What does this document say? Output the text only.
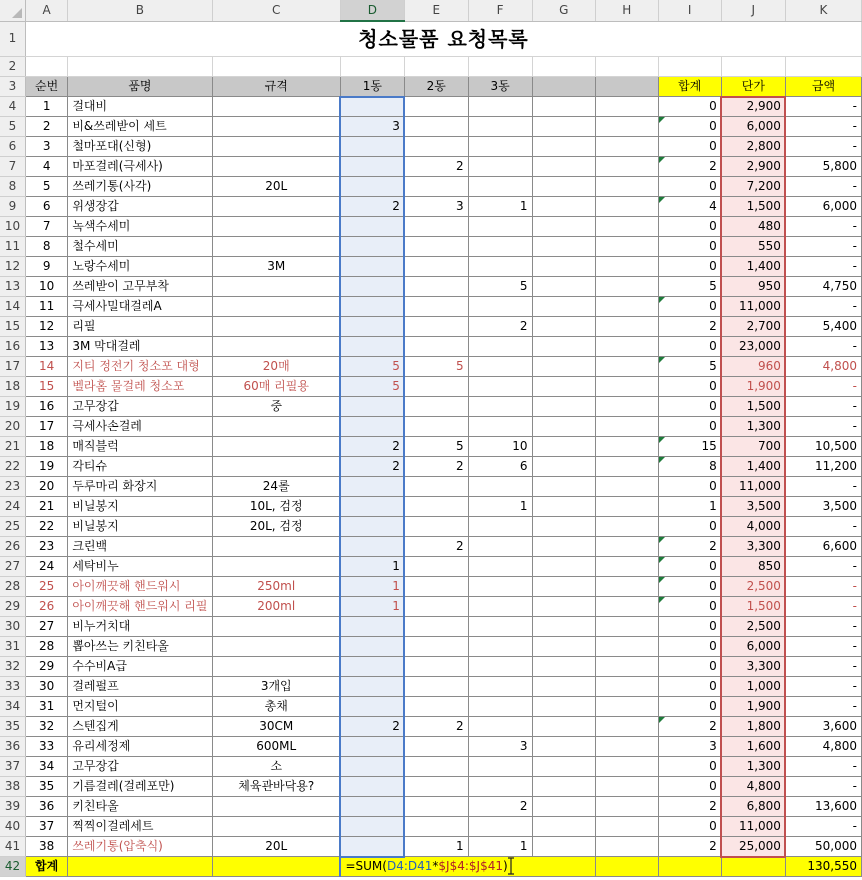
	A	B	C	D	E	F	G	H	I	J	K
1	청소물품 요청목록										
2											
3	순번	품명	규격	1동	2동	3동			합계	단가	금액
4	1	걸대비							0	2,900	-
5	2	비&쓰레받이 세트		3					0	6,000	-
6	3	철마포대(신형)							0	2,800	-
7	4	마포걸레(극세사)			2				2	2,900	5,800
8	5	쓰레기통(사각)	20L						0	7,200	-
9	6	위생장갑		2	3	1			4	1,500	6,000
10	7	녹색수세미							0	480	-
11	8	철수세미							0	550	-
12	9	노랑수세미	3M						0	1,400	-
13	10	쓰레받이 고무부착				5			5	950	4,750
14	11	극세사밀대걸레A							0	11,000	-
15	12	리필				2			2	2,700	5,400
16	13	3M 막대걸레							0	23,000	-
17	14	지티 정전기 청소포 대형	20매	5	5				5	960	4,800
18	15	벨라홈 물걸레 청소포	60매 리필용	5					0	1,900	-
19	16	고무장갑	중						0	1,500	-
20	17	극세사손걸레							0	1,300	-
21	18	매직블럭		2	5	10			15	700	10,500
22	19	각티슈		2	2	6			8	1,400	11,200
23	20	두루마리 화장지	24롤						0	11,000	-
24	21	비닐봉지	10L, 검정			1			1	3,500	3,500
25	22	비닐봉지	20L, 검정						0	4,000	-
26	23	크린백			2				2	3,300	6,600
27	24	세탁비누		1					0	850	-
28	25	아이깨끗해 핸드워시	250ml	1					0	2,500	-
29	26	아이깨끗해 핸드워시 리필	200ml	1					0	1,500	-
30	27	비누거치대							0	2,500	-
31	28	뽑아쓰는 키친타올							0	6,000	-
32	29	수수비A급							0	3,300	-
33	30	걸레펄프	3개입						0	1,000	-
34	31	먼지털이	총채						0	1,900	-
35	32	스텐집게	30CM	2	2				2	1,800	3,600
36	33	유리세정제	600ML			3			3	1,600	4,800
37	34	고무장갑	소						0	1,300	-
38	35	기름걸레(걸레포만)	체육관바닥용?						0	4,800	-
39	36	키친타올				2			2	6,800	13,600
40	37	찍찍이걸레세트							0	11,000	-
41	38	쓰레기통(압축식)	20L		1	1			2	25,000	50,000
42	합계			=SUM(D4:D41*$J$4:$J$41)							130,550
